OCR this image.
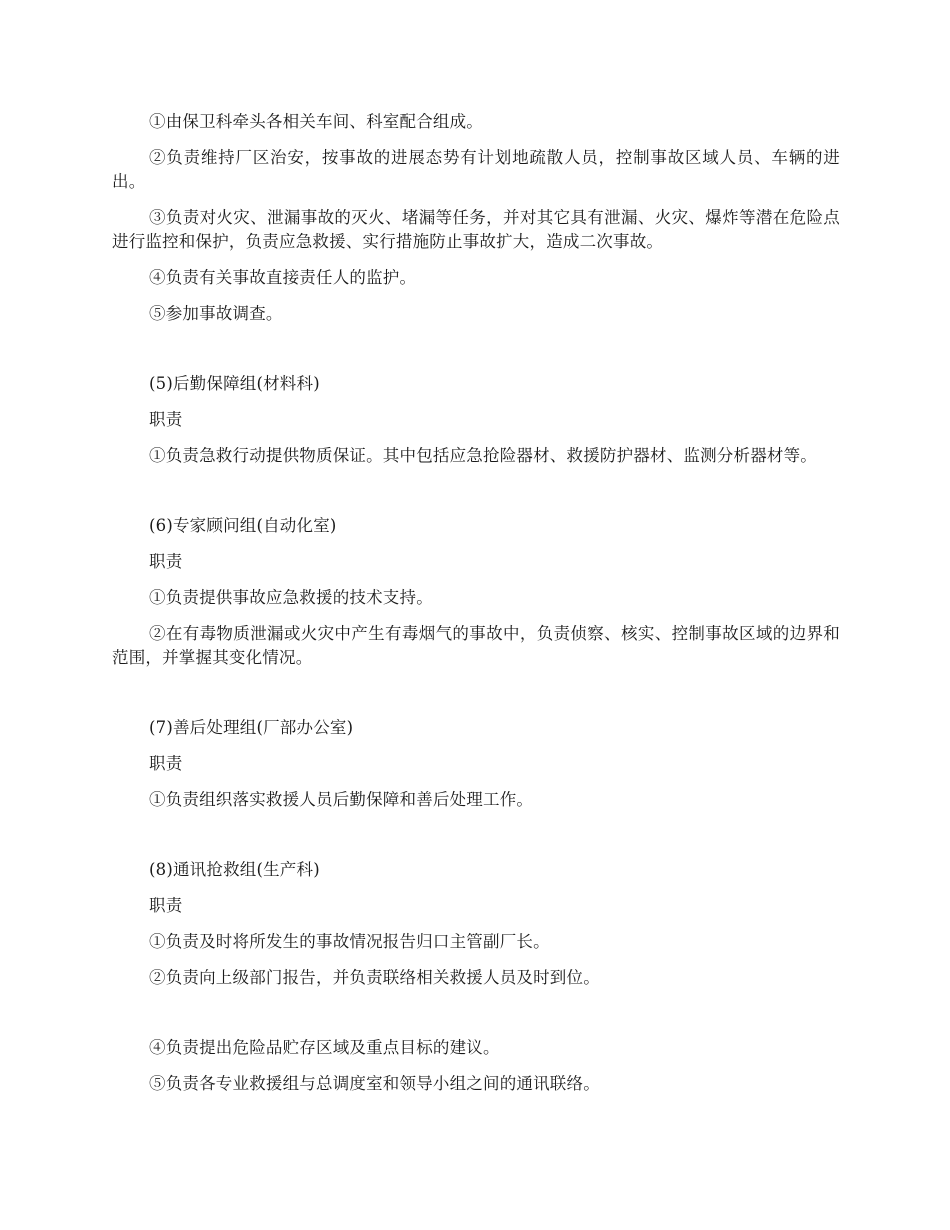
①由保卫科牵头各相关车间、科室配合组成。

②负责维持厂区治安，按事故的进展态势有计划地疏散人员，控制事故区域人员、车辆的进出。

③负责对火灾、泄漏事故的灭火、堵漏等任务，并对其它具有泄漏、火灾、爆炸等潜在危险点进行监控和保护，负责应急救援、实行措施防止事故扩大，造成二次事故。

④负责有关事故直接责任人的监护。

⑤参加事故调查。

(5)后勤保障组(材料科)

职责

①负责急救行动提供物质保证。其中包括应急抢险器材、救援防护器材、监测分析器材等。

(6)专家顾问组(自动化室)

职责

①负责提供事故应急救援的技术支持。

②在有毒物质泄漏或火灾中产生有毒烟气的事故中，负责侦察、核实、控制事故区域的边界和范围，并掌握其变化情况。

(7)善后处理组(厂部办公室)

职责

①负责组织落实救援人员后勤保障和善后处理工作。

(8)通讯抢救组(生产科)

职责

①负责及时将所发生的事故情况报告归口主管副厂长。

②负责向上级部门报告，并负责联络相关救援人员及时到位。

④负责提出危险品贮存区域及重点目标的建议。

⑤负责各专业救援组与总调度室和领导小组之间的通讯联络。
